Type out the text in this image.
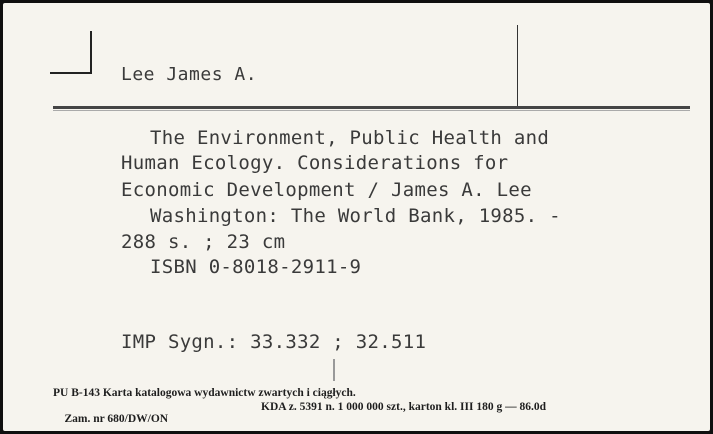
Lee James A.
The Environment, Public Health and
Human Ecology. Considerations for
Economic Development / James A. Lee
Washington: The World Bank, 1985. -
288 s. ; 23 cm
ISBN 0-8018-2911-9
IMP Sygn.: 33.332 ; 32.511
PU B-143 Karta katalogowa wydawnictw zwartych i ciągłych.

Zam. nr 680/DW/ON

KDA z. 5391 n. 1 000 000 szt., karton kl. III 180 g — 86.0d
